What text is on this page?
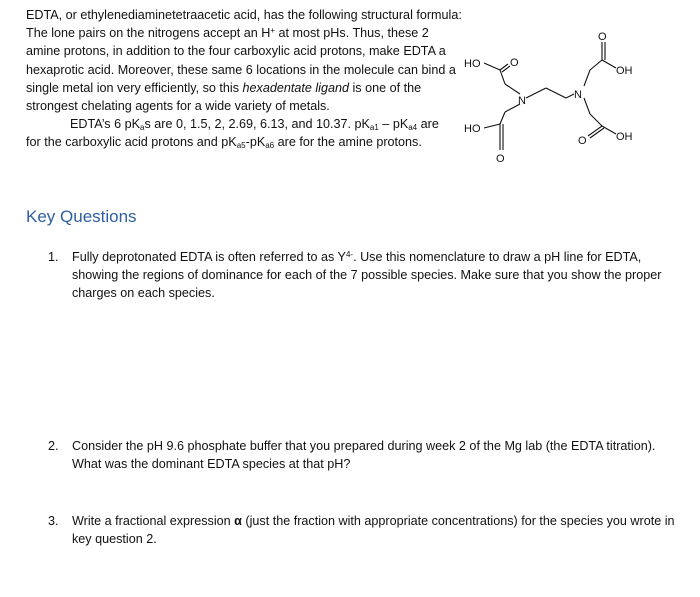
EDTA, or ethylenediaminetetraacetic acid, has the following structural formula:

The lone pairs on the nitrogens accept an H+ at most pHs. Thus, these 2 amine protons, in addition to the four carboxylic acid protons, make EDTA a hexaprotic acid. Moreover, these same 6 locations in the molecule can bind a single metal ion very efficiently, so this hexadentate ligand is one of the strongest chelating agents for a wide variety of metals.

EDTA’s 6 $pK_as$ are 0, 1.5, 2, 2.69, 6.13, and 10.37. $pK_{a1} - pK_{a4}$ are for the carboxylic acid protons and $pK_{a5}-pK_{a6}$ are for the amine protons.

HO	O
HO
O
N	N
O
OH
O	OH
Key Questions
1.	Fully deprotonated EDTA is often referred to as $Y^{4-}$. Use this nomenclature to draw a pH line for EDTA, showing the regions of dominance for each of the 7 possible species. Make sure that you show the proper charges on each species.
2.	Consider the pH 9.6 phosphate buffer that you prepared during week 2 of the Mg lab (the EDTA titration). What was the dominant EDTA species at that pH?
3.	Write a fractional expression α (just the fraction with appropriate concentrations) for the species you wrote in key question 2.
